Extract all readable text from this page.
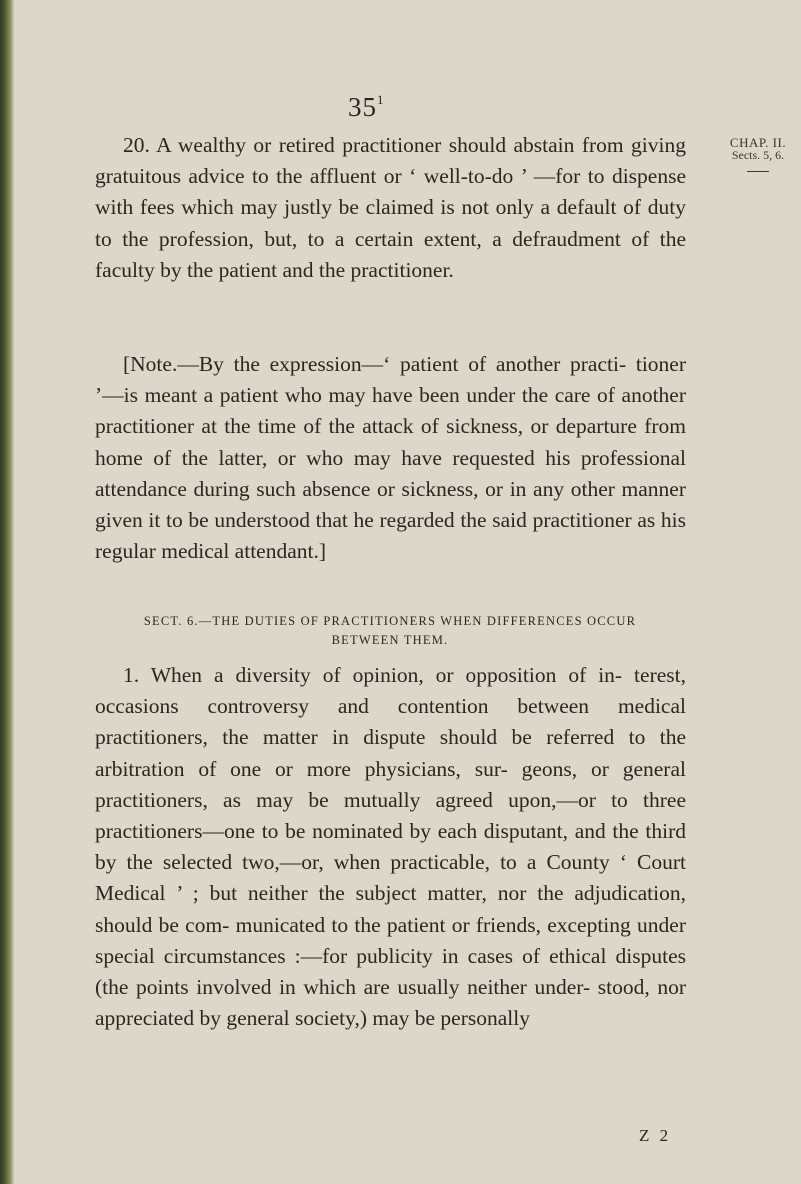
$35^1$
CHAP. II.
Sects. 5, 6.

20. A wealthy or retired practitioner should abstain from giving gratuitous advice to the affluent or ‘ well-to-do ’ —for to dispense with fees which may justly be claimed is not only a default of duty to the profession, but, to a certain extent, a defraudment of the faculty by the patient and the practitioner.

[Note.—By the expression—‘ patient of another practi- tioner ’—is meant a patient who may have been under the care of another practitioner at the time of the attack of sickness, or departure from home of the latter, or who may have requested his professional attendance during such absence or sickness, or in any other manner given it to be understood that he regarded the said practitioner as his regular medical attendant.]

SECT. 6.—THE DUTIES OF PRACTITIONERS WHEN DIFFERENCES OCCUR BETWEEN THEM.

1. When a diversity of opinion, or opposition of in- terest, occasions controversy and contention between medical practitioners, the matter in dispute should be referred to the arbitration of one or more physicians, sur- geons, or general practitioners, as may be mutually agreed upon,—or to three practitioners—one to be nominated by each disputant, and the third by the selected two,—or, when practicable, to a County ‘ Court Medical ’ ; but neither the subject matter, nor the adjudication, should be com- municated to the patient or friends, excepting under special circumstances :—for publicity in cases of ethical disputes (the points involved in which are usually neither under- stood, nor appreciated by general society,) may be personally

Z 2
